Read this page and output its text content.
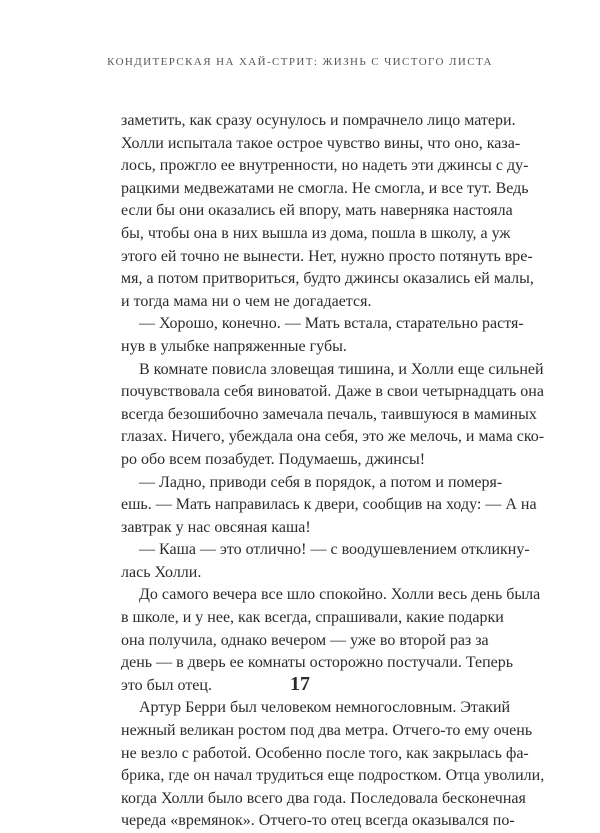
КОНДИТЕРСКАЯ НА ХАЙ-СТРИТ: ЖИЗНЬ С ЧИСТОГО ЛИСТА
заметить, как сразу осунулось и помрачнело лицо матери.
Холли испытала такое острое чувство вины, что оно, каза-
лось, прожгло ее внутренности, но надеть эти джинсы с ду-
рацкими медвежатами не смогла. Не смогла, и все тут. Ведь
если бы они оказались ей впору, мать наверняка настояла
бы, чтобы она в них вышла из дома, пошла в школу, а уж
этого ей точно не вынести. Нет, нужно просто потянуть вре-
мя, а потом притвориться, будто джинсы оказались ей малы,
и тогда мама ни о чем не догадается.
— Хорошо, конечно. — Мать встала, старательно растя-
нув в улыбке напряженные губы.
В комнате повисла зловещая тишина, и Холли еще сильней
почувствовала себя виноватой. Даже в свои четырнадцать она
всегда безошибочно замечала печаль, таившуюся в маминых
глазах. Ничего, убеждала она себя, это же мелочь, и мама ско-
ро обо всем позабудет. Подумаешь, джинсы!
— Ладно, приводи себя в порядок, а потом и померя-
ешь. — Мать направилась к двери, сообщив на ходу: — А на
завтрак у нас овсяная каша!
— Каша — это отлично! — с воодушевлением откликну-
лась Холли.
До самого вечера все шло спокойно. Холли весь день была
в школе, и у нее, как всегда, спрашивали, какие подарки
она получила, однако вечером — уже во второй раз за
день — в дверь ее комнаты осторожно постучали. Теперь
это был отец.
Артур Берри был человеком немногословным. Этакий
нежный великан ростом под два метра. Отчего-то ему очень
не везло с работой. Особенно после того, как закрылась фа-
брика, где он начал трудиться еще подростком. Отца уволили,
когда Холли было всего два года. Последовала бесконечная
череда «времянок». Отчего-то отец всегда оказывался по-
17
